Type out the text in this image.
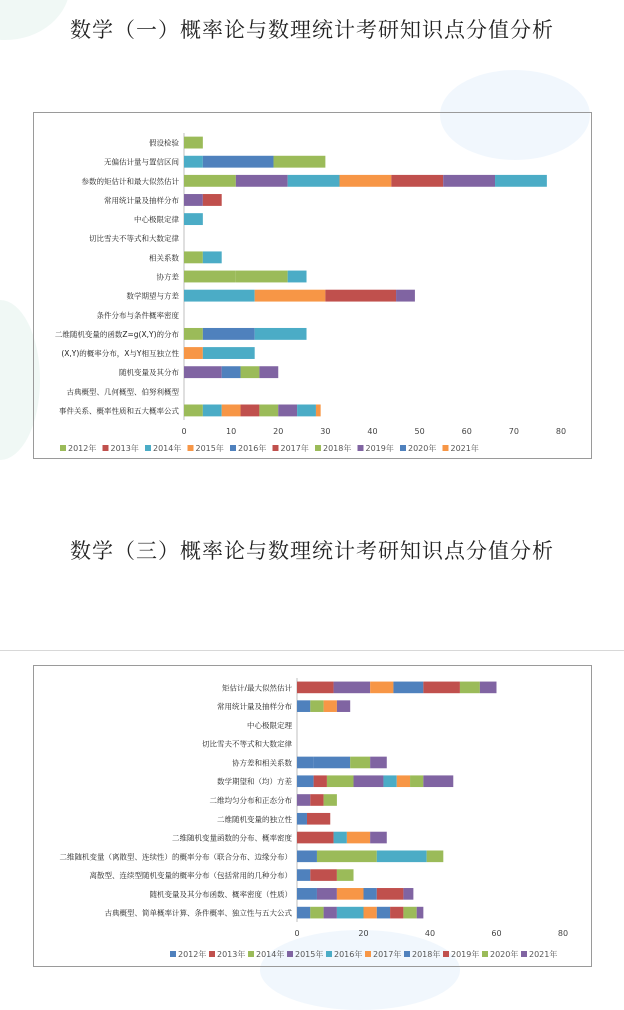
数学（一）概率论与数理统计考研知识点分值分析
事件关系、概率性质和五大概率公式
古典概型、几何概型、伯努利概型
随机变量及其分布
(X,Y)的概率分布，X与Y相互独立性
二维随机变量的函数Z=g(X,Y)的分布
条件分布与条件概率密度
数学期望与方差
协方差
相关系数
切比雪夫不等式和大数定律
中心极限定律
常用统计量及抽样分布
参数的矩估计和最大似然估计
无偏估计量与置信区间
假设检验
0	10	20	30	40	50	60	70	80
2012年 2013年 2014年 2015年 2016年 2017年 2018年 2019年 2020年 2021年
数学（三）概率论与数理统计考研知识点分值分析
古典概型、简单概率计算、条件概率、独立性与五大公式
随机变量及其分布函数、概率密度（性质）
离散型、连续型随机变量的概率分布（包括常用的几种分布）
二维随机变量（离散型、连续性）的概率分布（联合分布、边缘分布）
二维随机变量函数的分布、概率密度
二维随机变量的独立性
二维均匀分布和正态分布
数学期望和（均）方差
协方差和相关系数
切比雪夫不等式和大数定律
中心极限定理
常用统计量及抽样分布
矩估计/最大似然估计
0	20	40	60	80
2012年 2013年 2014年 2015年 2016年 2017年 2018年 2019年 2020年 2021年
